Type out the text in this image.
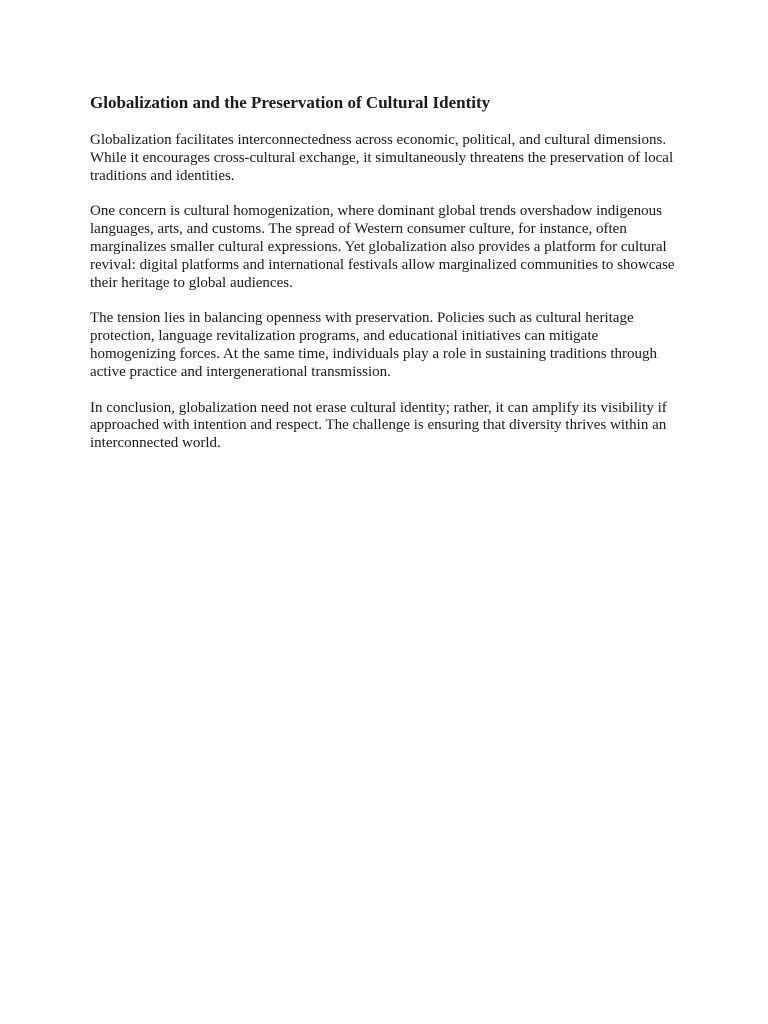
Globalization and the Preservation of Cultural Identity

Globalization facilitates interconnectedness across economic, political, and cultural dimensions. While it encourages cross-cultural exchange, it simultaneously threatens the preservation of local traditions and identities.

One concern is cultural homogenization, where dominant global trends overshadow indigenous languages, arts, and customs. The spread of Western consumer culture, for instance, often marginalizes smaller cultural expressions. Yet globalization also provides a platform for cultural revival: digital platforms and international festivals allow marginalized communities to showcase their heritage to global audiences.

The tension lies in balancing openness with preservation. Policies such as cultural heritage protection, language revitalization programs, and educational initiatives can mitigate homogenizing forces. At the same time, individuals play a role in sustaining traditions through active practice and intergenerational transmission.

In conclusion, globalization need not erase cultural identity; rather, it can amplify its visibility if approached with intention and respect. The challenge is ensuring that diversity thrives within an interconnected world.
